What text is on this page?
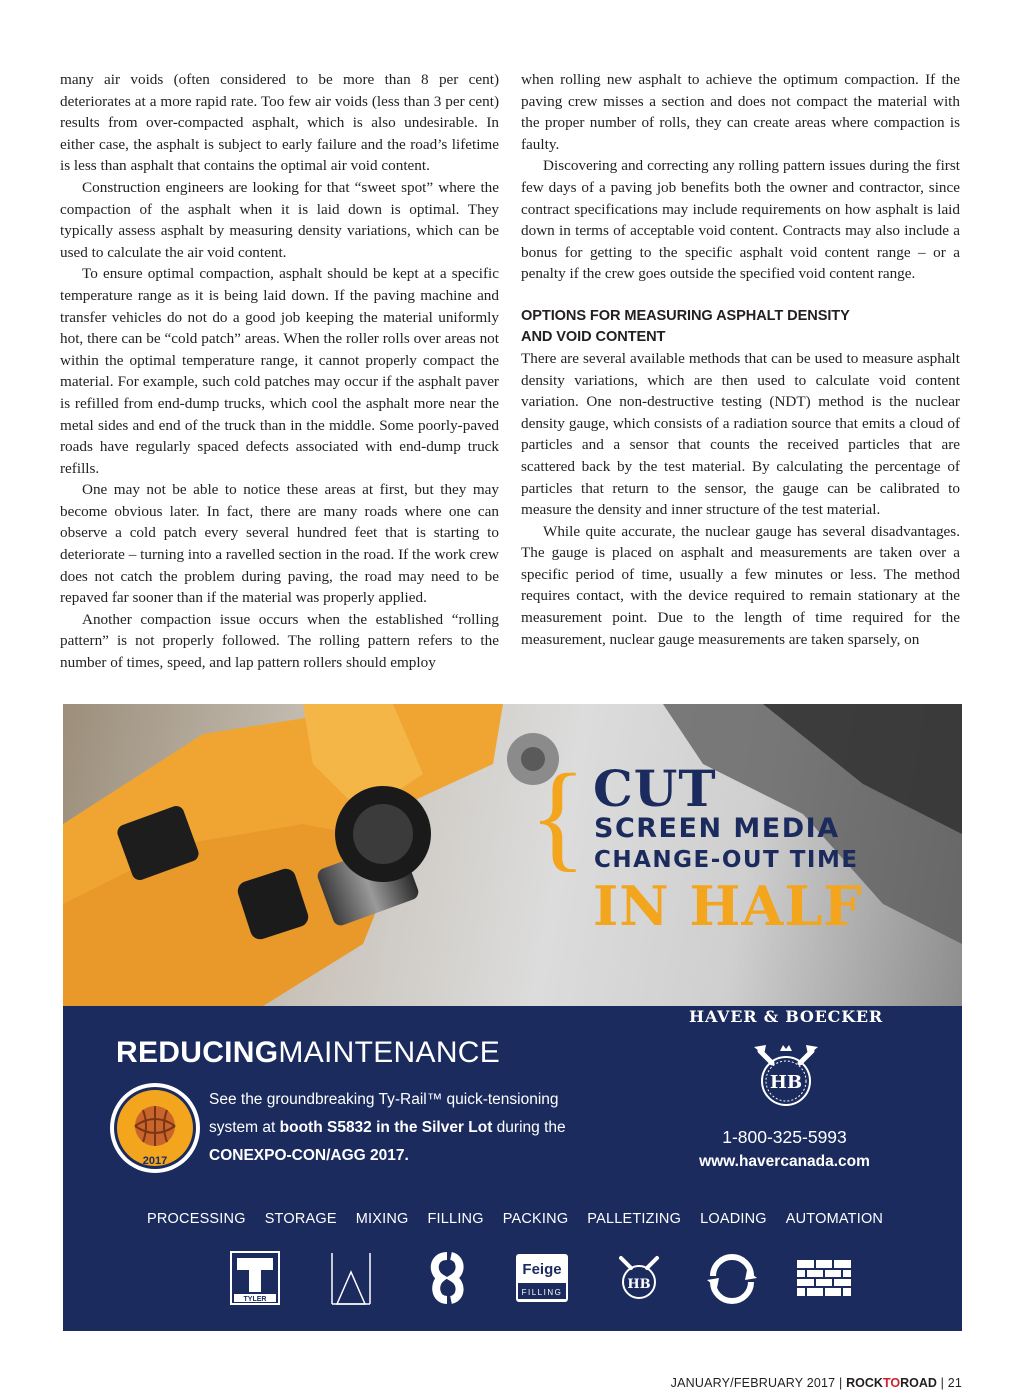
many air voids (often considered to be more than 8 per cent) deteriorates at a more rapid rate. Too few air voids (less than 3 per cent) results from over-compacted asphalt, which is also undesirable. In either case, the asphalt is subject to early failure and the road’s lifetime is less than asphalt that contains the optimal air void content.

Construction engineers are looking for that “sweet spot” where the compaction of the asphalt when it is laid down is optimal. They typically assess asphalt by measuring density variations, which can be used to calculate the air void content.

To ensure optimal compaction, asphalt should be kept at a specific temperature range as it is being laid down. If the paving machine and transfer vehicles do not do a good job keeping the material uniformly hot, there can be “cold patch” areas. When the roller rolls over areas not within the optimal temperature range, it cannot properly compact the material. For example, such cold patches may occur if the asphalt paver is refilled from end-dump trucks, which cool the asphalt more near the metal sides and end of the truck than in the middle. Some poorly-paved roads have regularly spaced defects associated with end-dump truck refills.

One may not be able to notice these areas at first, but they may become obvious later. In fact, there are many roads where one can observe a cold patch every several hundred feet that is starting to deteriorate – turning into a ravelled section in the road. If the work crew does not catch the problem during paving, the road may need to be repaved far sooner than if the material was properly applied.

Another compaction issue occurs when the established “rolling pattern” is not properly followed. The rolling pattern refers to the number of times, speed, and lap pattern rollers should employ

when rolling new asphalt to achieve the optimum compaction. If the paving crew misses a section and does not compact the material with the proper number of rolls, they can create areas where compaction is faulty.

Discovering and correcting any rolling pattern issues during the first few days of a paving job benefits both the owner and contractor, since contract specifications may include requirements on how asphalt is laid down in terms of acceptable void content. Contracts may also include a bonus for getting to the specific asphalt void content range – or a penalty if the crew goes outside the specified void content range.

OPTIONS FOR MEASURING ASPHALT DENSITY
AND VOID CONTENT

There are several available methods that can be used to measure asphalt density variations, which are then used to calculate void content variation. One non-destructive testing (NDT) method is the nuclear density gauge, which consists of a radiation source that emits a cloud of particles and a sensor that counts the received particles that are scattered back by the test material. By calculating the percentage of particles that return to the sensor, the gauge can be calibrated to measure the density and inner structure of the test material.

While quite accurate, the nuclear gauge has several disadvantages. The gauge is placed on asphalt and measurements are taken over a specific period of time, usually a few minutes or less. The method requires contact, with the device required to remain stationary at the measurement point. Due to the length of time required for the measurement, nuclear gauge measurements are taken sparsely, on

{ CUT
SCREEN MEDIA
CHANGE-OUT TIME
IN HALF
HAVER & BOECKER
REDUCINGMAINTENANCE
2017
See the groundbreaking Ty-Rail™ quick-tensioning
system at booth S5832 in the Silver Lot during the
CONEXPO-CON/AGG 2017.
HB
1-800-325-5993
www.havercanada.com
PROCESSING STORAGE MIXING FILLING PACKING PALLETIZING LOADING AUTOMATION
TYLER
Feige
FILLING
HB
JANUARY/FEBRUARY 2017 | ROCKTOROAD | 21
